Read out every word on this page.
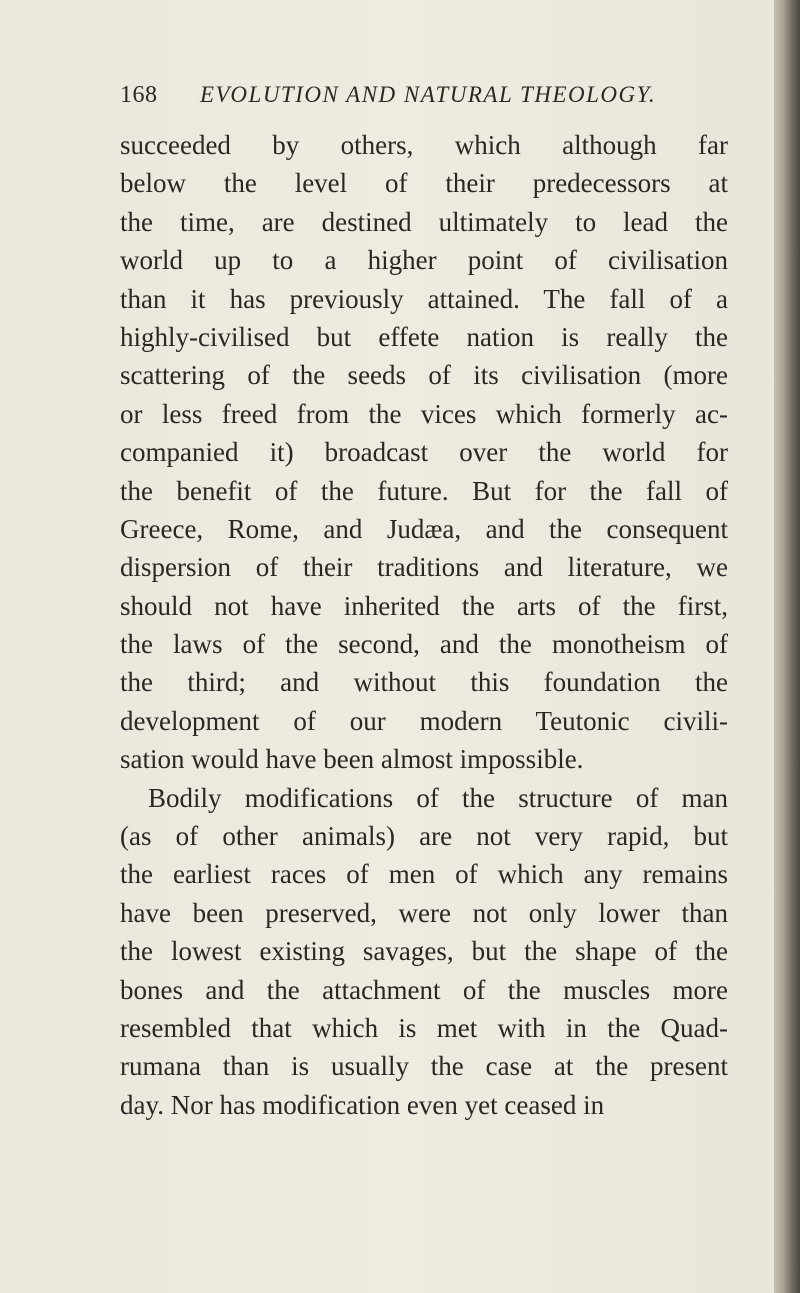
168 EVOLUTION AND NATURAL THEOLOGY.
succeeded by others, which although far
below the level of their predecessors at
the time, are destined ultimately to lead the
world up to a higher point of civilisation
than it has previously attained. The fall of a
highly-civilised but effete nation is really the
scattering of the seeds of its civilisation (more
or less freed from the vices which formerly ac-
companied it) broadcast over the world for
the benefit of the future. But for the fall of
Greece, Rome, and Judæa, and the consequent
dispersion of their traditions and literature, we
should not have inherited the arts of the first,
the laws of the second, and the monotheism of
the third; and without this foundation the
development of our modern Teutonic civili-
sation would have been almost impossible.
Bodily modifications of the structure of man
(as of other animals) are not very rapid, but
the earliest races of men of which any remains
have been preserved, were not only lower than
the lowest existing savages, but the shape of the
bones and the attachment of the muscles more
resembled that which is met with in the Quad-
rumana than is usually the case at the present
day. Nor has modification even yet ceased in
